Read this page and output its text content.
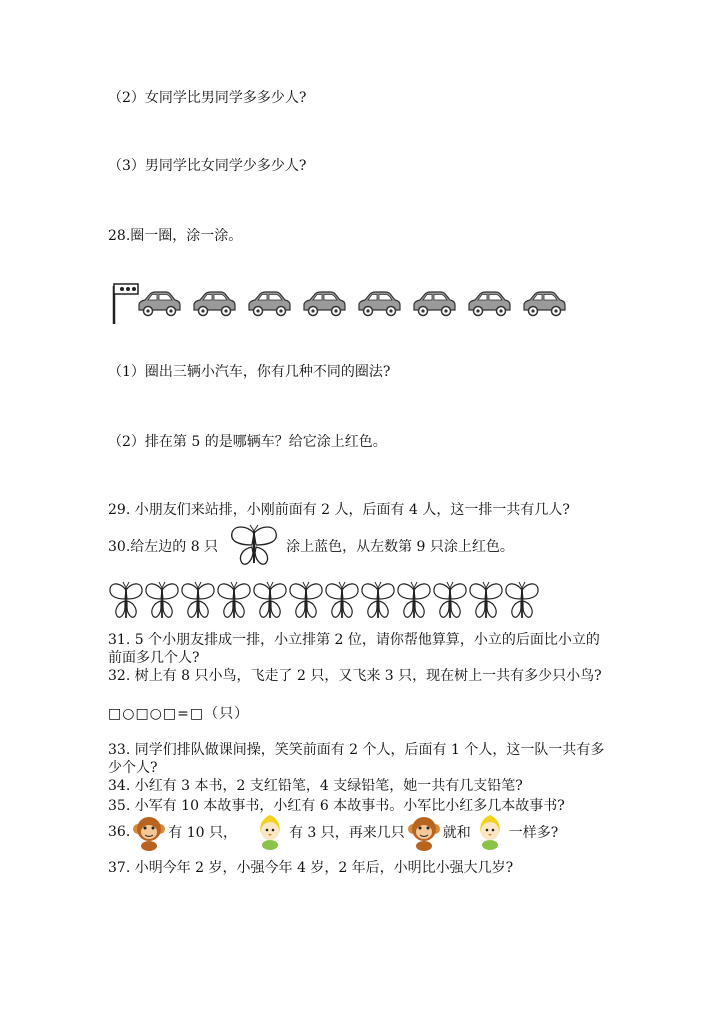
（2）女同学比男同学多多少人?
（3）男同学比女同学少多少人?
28.圈一圈，涂一涂。
（1）圈出三辆小汽车，你有几种不同的圈法?
（2）排在第 5 的是哪辆车？给它涂上红色。
29. 小朋友们来站排，小刚前面有 2 人，后面有 4 人，这一排一共有几人?
30.给左边的 8 只	涂上蓝色，从左数第 9 只涂上红色。
31. 5 个小朋友排成一排，小立排第 2 位，请你帮他算算，小立的后面比小立的
前面多几个人?
32. 树上有 8 只小鸟，飞走了 2 只，又飞来 3 只，现在树上一共有多少只小鸟?
□○□○□=□（只）
33. 同学们排队做课间操，笑笑前面有 2 个人，后面有 1 个人，这一队一共有多
少个人?
34. 小红有 3 本书，2 支红铅笔，4 支绿铅笔，她一共有几支铅笔?
35. 小军有 10 本故事书，小红有 6 本故事书。小军比小红多几本故事书?
36.	有 10 只，	有 3 只，再来几只	就和	一样多?
37. 小明今年 2 岁，小强今年 4 岁，2 年后，小明比小强大几岁?
